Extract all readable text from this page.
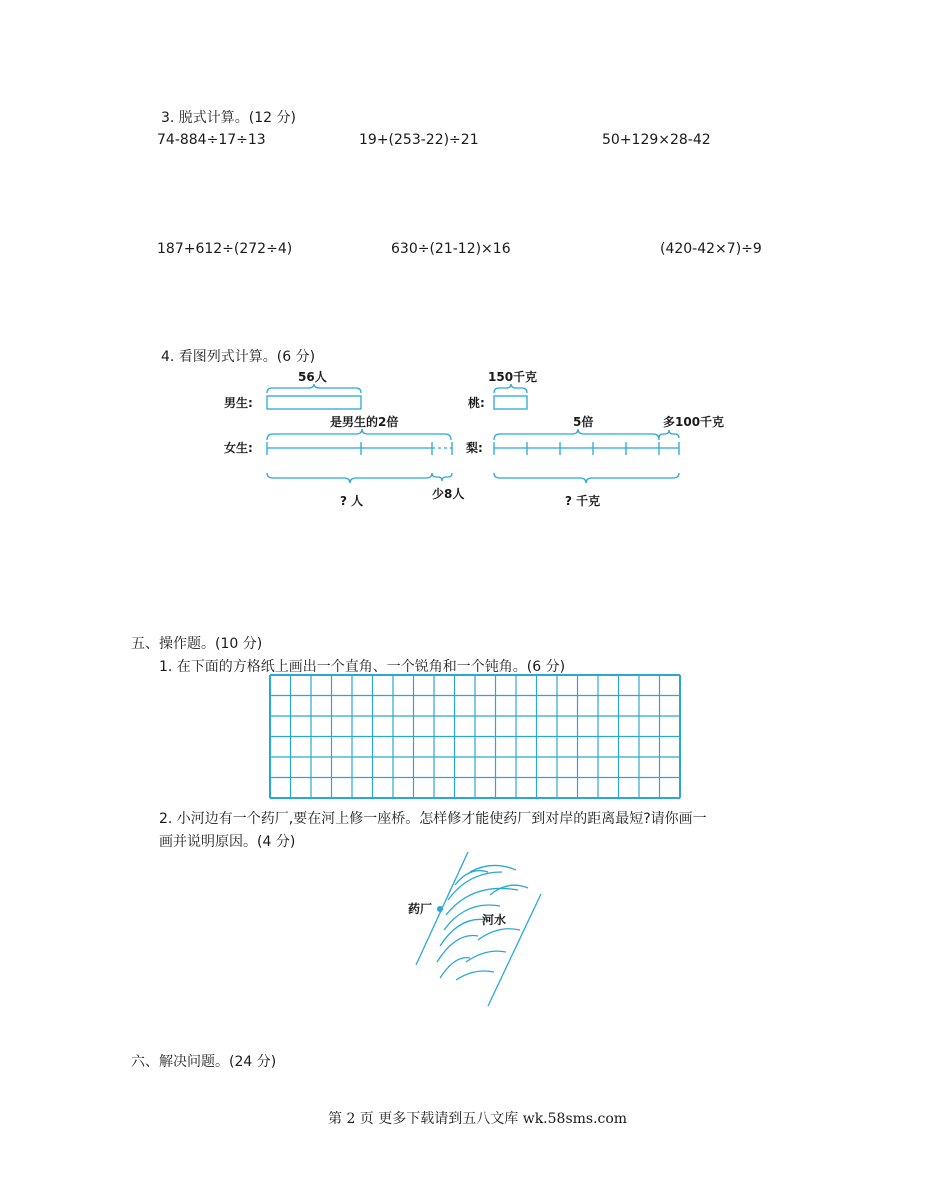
3. 脱式计算。(12 分)
74-884÷17÷13	19+(253-22)÷21	50+129×28-42
187+612÷(272÷4)	630÷(21-12)×16	(420-42×7)÷9
4. 看图列式计算。(6 分)
56人
男生:
是男生的2倍
女生:
少8人
? 人
150千克
桃:
5倍	多100千克
梨:
? 千克
五、操作题。(10 分)
1. 在下面的方格纸上画出一个直角、一个锐角和一个钝角。(6 分)
2. 小河边有一个药厂,要在河上修一座桥。怎样修才能使药厂到对岸的距离最短?请你画一
画并说明原因。(4 分)
药厂
河水
六、解决问题。(24 分)
第 2 页 更多下载请到五八文库 wk.58sms.com
